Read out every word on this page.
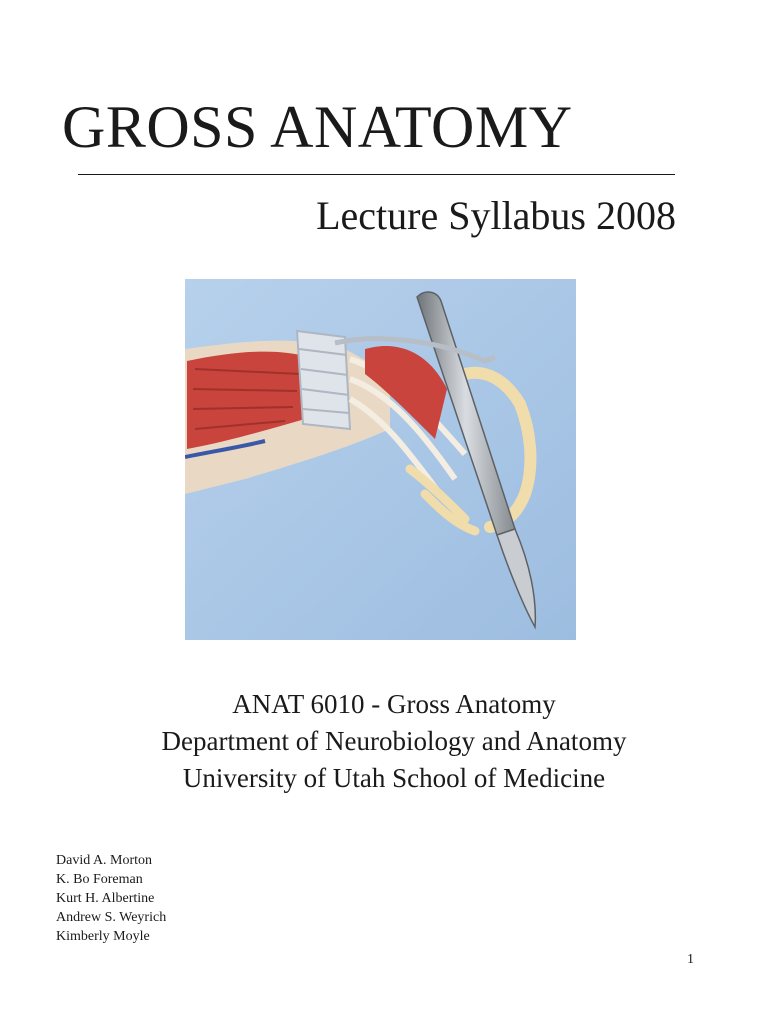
GROSS ANATOMY
Lecture Syllabus 2008

ANAT 6010 - Gross Anatomy

Department of Neurobiology and Anatomy

University of Utah School of Medicine

David A. Morton
K. Bo Foreman
Kurt H. Albertine
Andrew S. Weyrich
Kimberly Moyle
1
